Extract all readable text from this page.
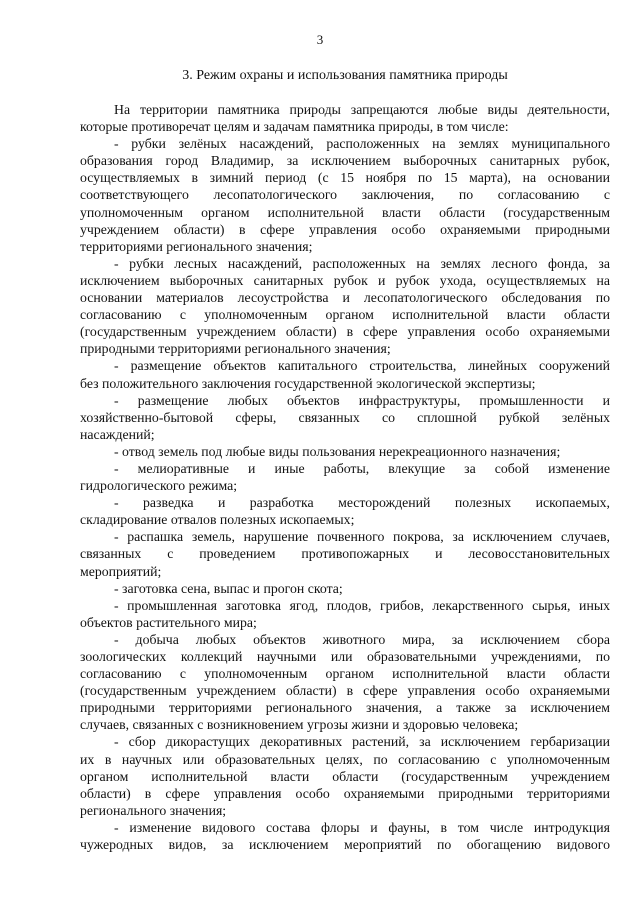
3
3. Режим охраны и использования памятника природы
На территории памятника природы запрещаются любые виды деятельности,
которые противоречат целям и задачам памятника природы, в том числе:
- рубки зелёных насаждений, расположенных на землях муниципального
образования город Владимир, за исключением выборочных санитарных рубок,
осуществляемых в зимний период (с 15 ноября по 15 марта), на основании
соответствующего лесопатологического заключения, по согласованию с
уполномоченным органом исполнительной власти области (государственным
учреждением области) в сфере управления особо охраняемыми природными
территориями регионального значения;
- рубки лесных насаждений, расположенных на землях лесного фонда, за
исключением выборочных санитарных рубок и рубок ухода, осуществляемых на
основании материалов лесоустройства и лесопатологического обследования по
согласованию с уполномоченным органом исполнительной власти области
(государственным учреждением области) в сфере управления особо охраняемыми
природными территориями регионального значения;
- размещение объектов капитального строительства, линейных сооружений
без положительного заключения государственной экологической экспертизы;
- размещение любых объектов инфраструктуры, промышленности и
хозяйственно-бытовой сферы, связанных со сплошной рубкой зелёных
насаждений;
- отвод земель под любые виды пользования нерекреационного назначения;
- мелиоративные и иные работы, влекущие за собой изменение
гидрологического режима;
- разведка и разработка месторождений полезных ископаемых,
складирование отвалов полезных ископаемых;
- распашка земель, нарушение почвенного покрова, за исключением случаев,
связанных с проведением противопожарных и лесовосстановительных
мероприятий;
- заготовка сена, выпас и прогон скота;
- промышленная заготовка ягод, плодов, грибов, лекарственного сырья, иных
объектов растительного мира;
- добыча любых объектов животного мира, за исключением сбора
зоологических коллекций научными или образовательными учреждениями, по
согласованию с уполномоченным органом исполнительной власти области
(государственным учреждением области) в сфере управления особо охраняемыми
природными территориями регионального значения, а также за исключением
случаев, связанных с возникновением угрозы жизни и здоровью человека;
- сбор дикорастущих декоративных растений, за исключением гербаризации
их в научных или образовательных целях, по согласованию с уполномоченным
органом исполнительной власти области (государственным учреждением
области) в сфере управления особо охраняемыми природными территориями
регионального значения;
- изменение видового состава флоры и фауны, в том числе интродукция
чужеродных видов, за исключением мероприятий по обогащению видового
